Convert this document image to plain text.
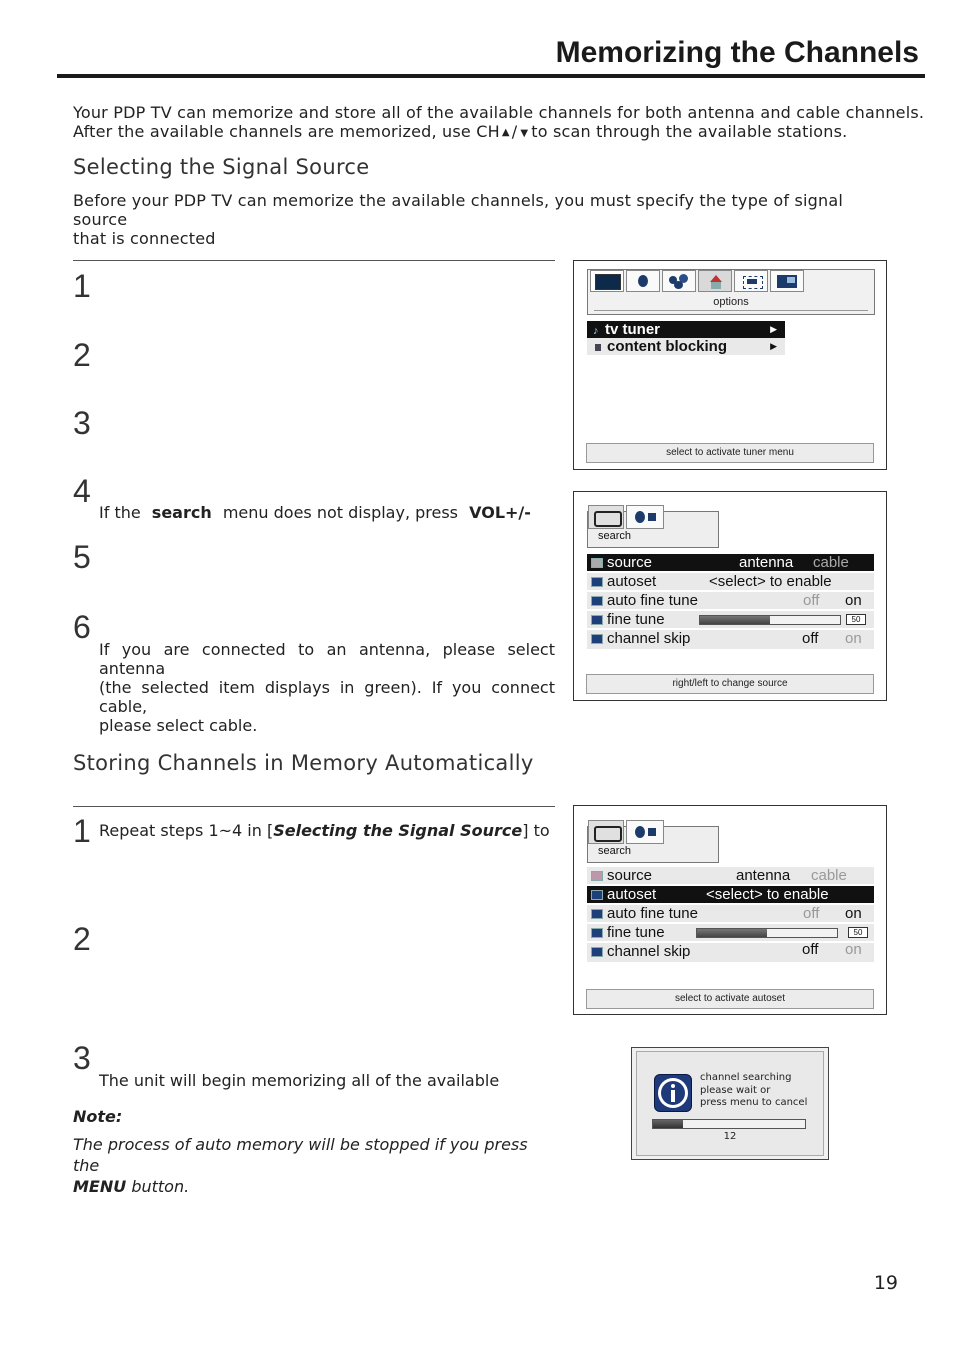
Memorizing the Channels
Your PDP TV can memorize and store all of the available channels for both antenna and cable channels.
After the available channels are memorized, use CH ▲ / ▼ to scan through the available stations.
Selecting the Signal Source
Before your PDP TV can memorize the available channels, you must specify the type of signal source
that is connected
1
2
3
4
If the search menu does not display, press VOL+/-
5
6
If you are connected to an antenna, please select antenna
(the selected item displays in green). If you connect cable,
please select cable.
options
♪ tv tuner	▶
content blocking	▶
select to activate tuner menu
search
source	antenna cable
autoset	<select> to enable
auto fine tune	off on
fine tune	50
channel skip	off on
right/left to change source
Storing Channels in Memory Automatically
1 Repeat steps 1~4 in [Selecting the Signal Source] to
2
3
The unit will begin memorizing all of the available
Note:
The process of auto memory will be stopped if you press the
MENU button.
search
source	antenna cable
autoset	<select> to enable
auto fine tune	off on
fine tune	50
channel skip	off on
select to activate autoset
channel searching
please wait or
press menu to cancel
12
19
